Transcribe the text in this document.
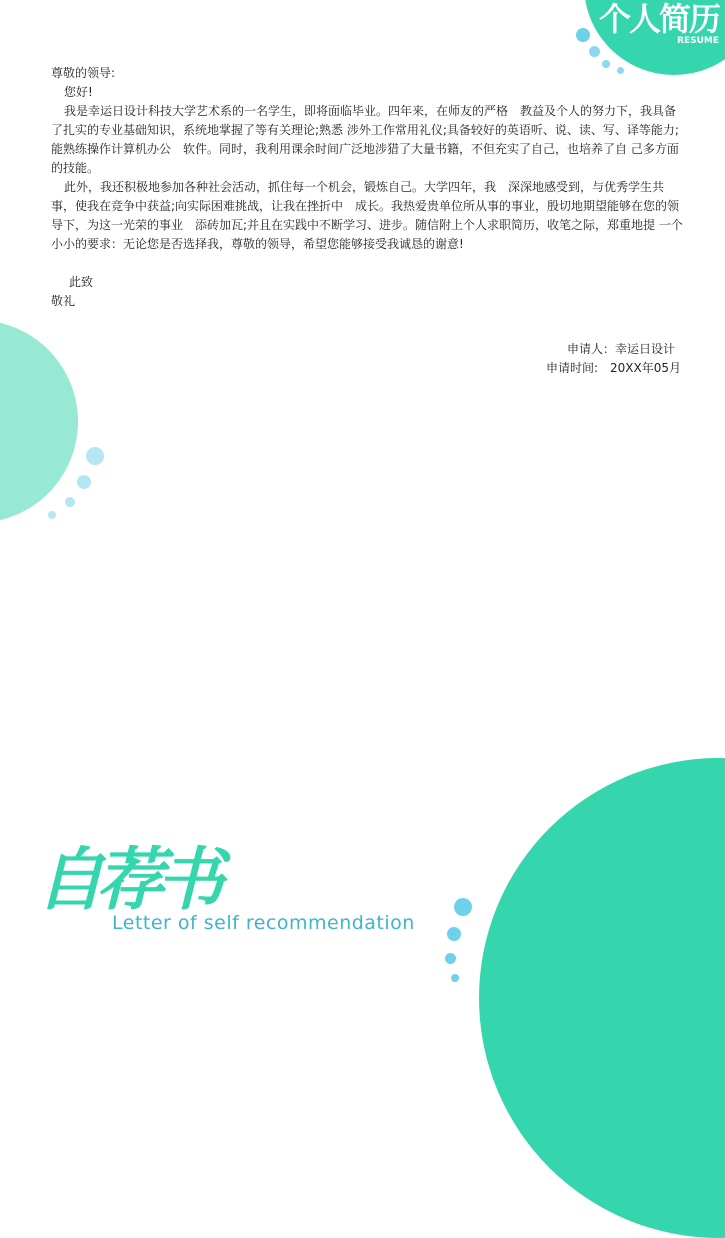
个人简历
RESUME

尊敬的领导:

您好!

我是幸运日设计科技大学艺术系的一名学生，即将面临毕业。四年来，在师友的严格　教益及个人的努力下，我具备了扎实的专业基础知识，系统地掌握了等有关理论;熟悉 涉外工作常用礼仪;具备较好的英语听、说、读、写、译等能力;能熟练操作计算机办公　软件。同时，我利用课余时间广泛地涉猎了大量书籍，不但充实了自己，也培养了自 己多方面的技能。

此外，我还积极地参加各种社会活动，抓住每一个机会，锻炼自己。大学四年，我　深深地感受到，与优秀学生共事，使我在竞争中获益;向实际困难挑战，让我在挫折中　成长。我热爱贵单位所从事的事业，殷切地期望能够在您的领导下，为这一光荣的事业　添砖加瓦;并且在实践中不断学习、进步。随信附上个人求职简历，收笔之际，郑重地提 一个小小的要求：无论您是否选择我，尊敬的领导，希望您能够接受我诚恳的谢意!

此致

敬礼

申请人：幸运日设计
申请时间:　20XX年05月
自荐书
Letter of self recommendation
